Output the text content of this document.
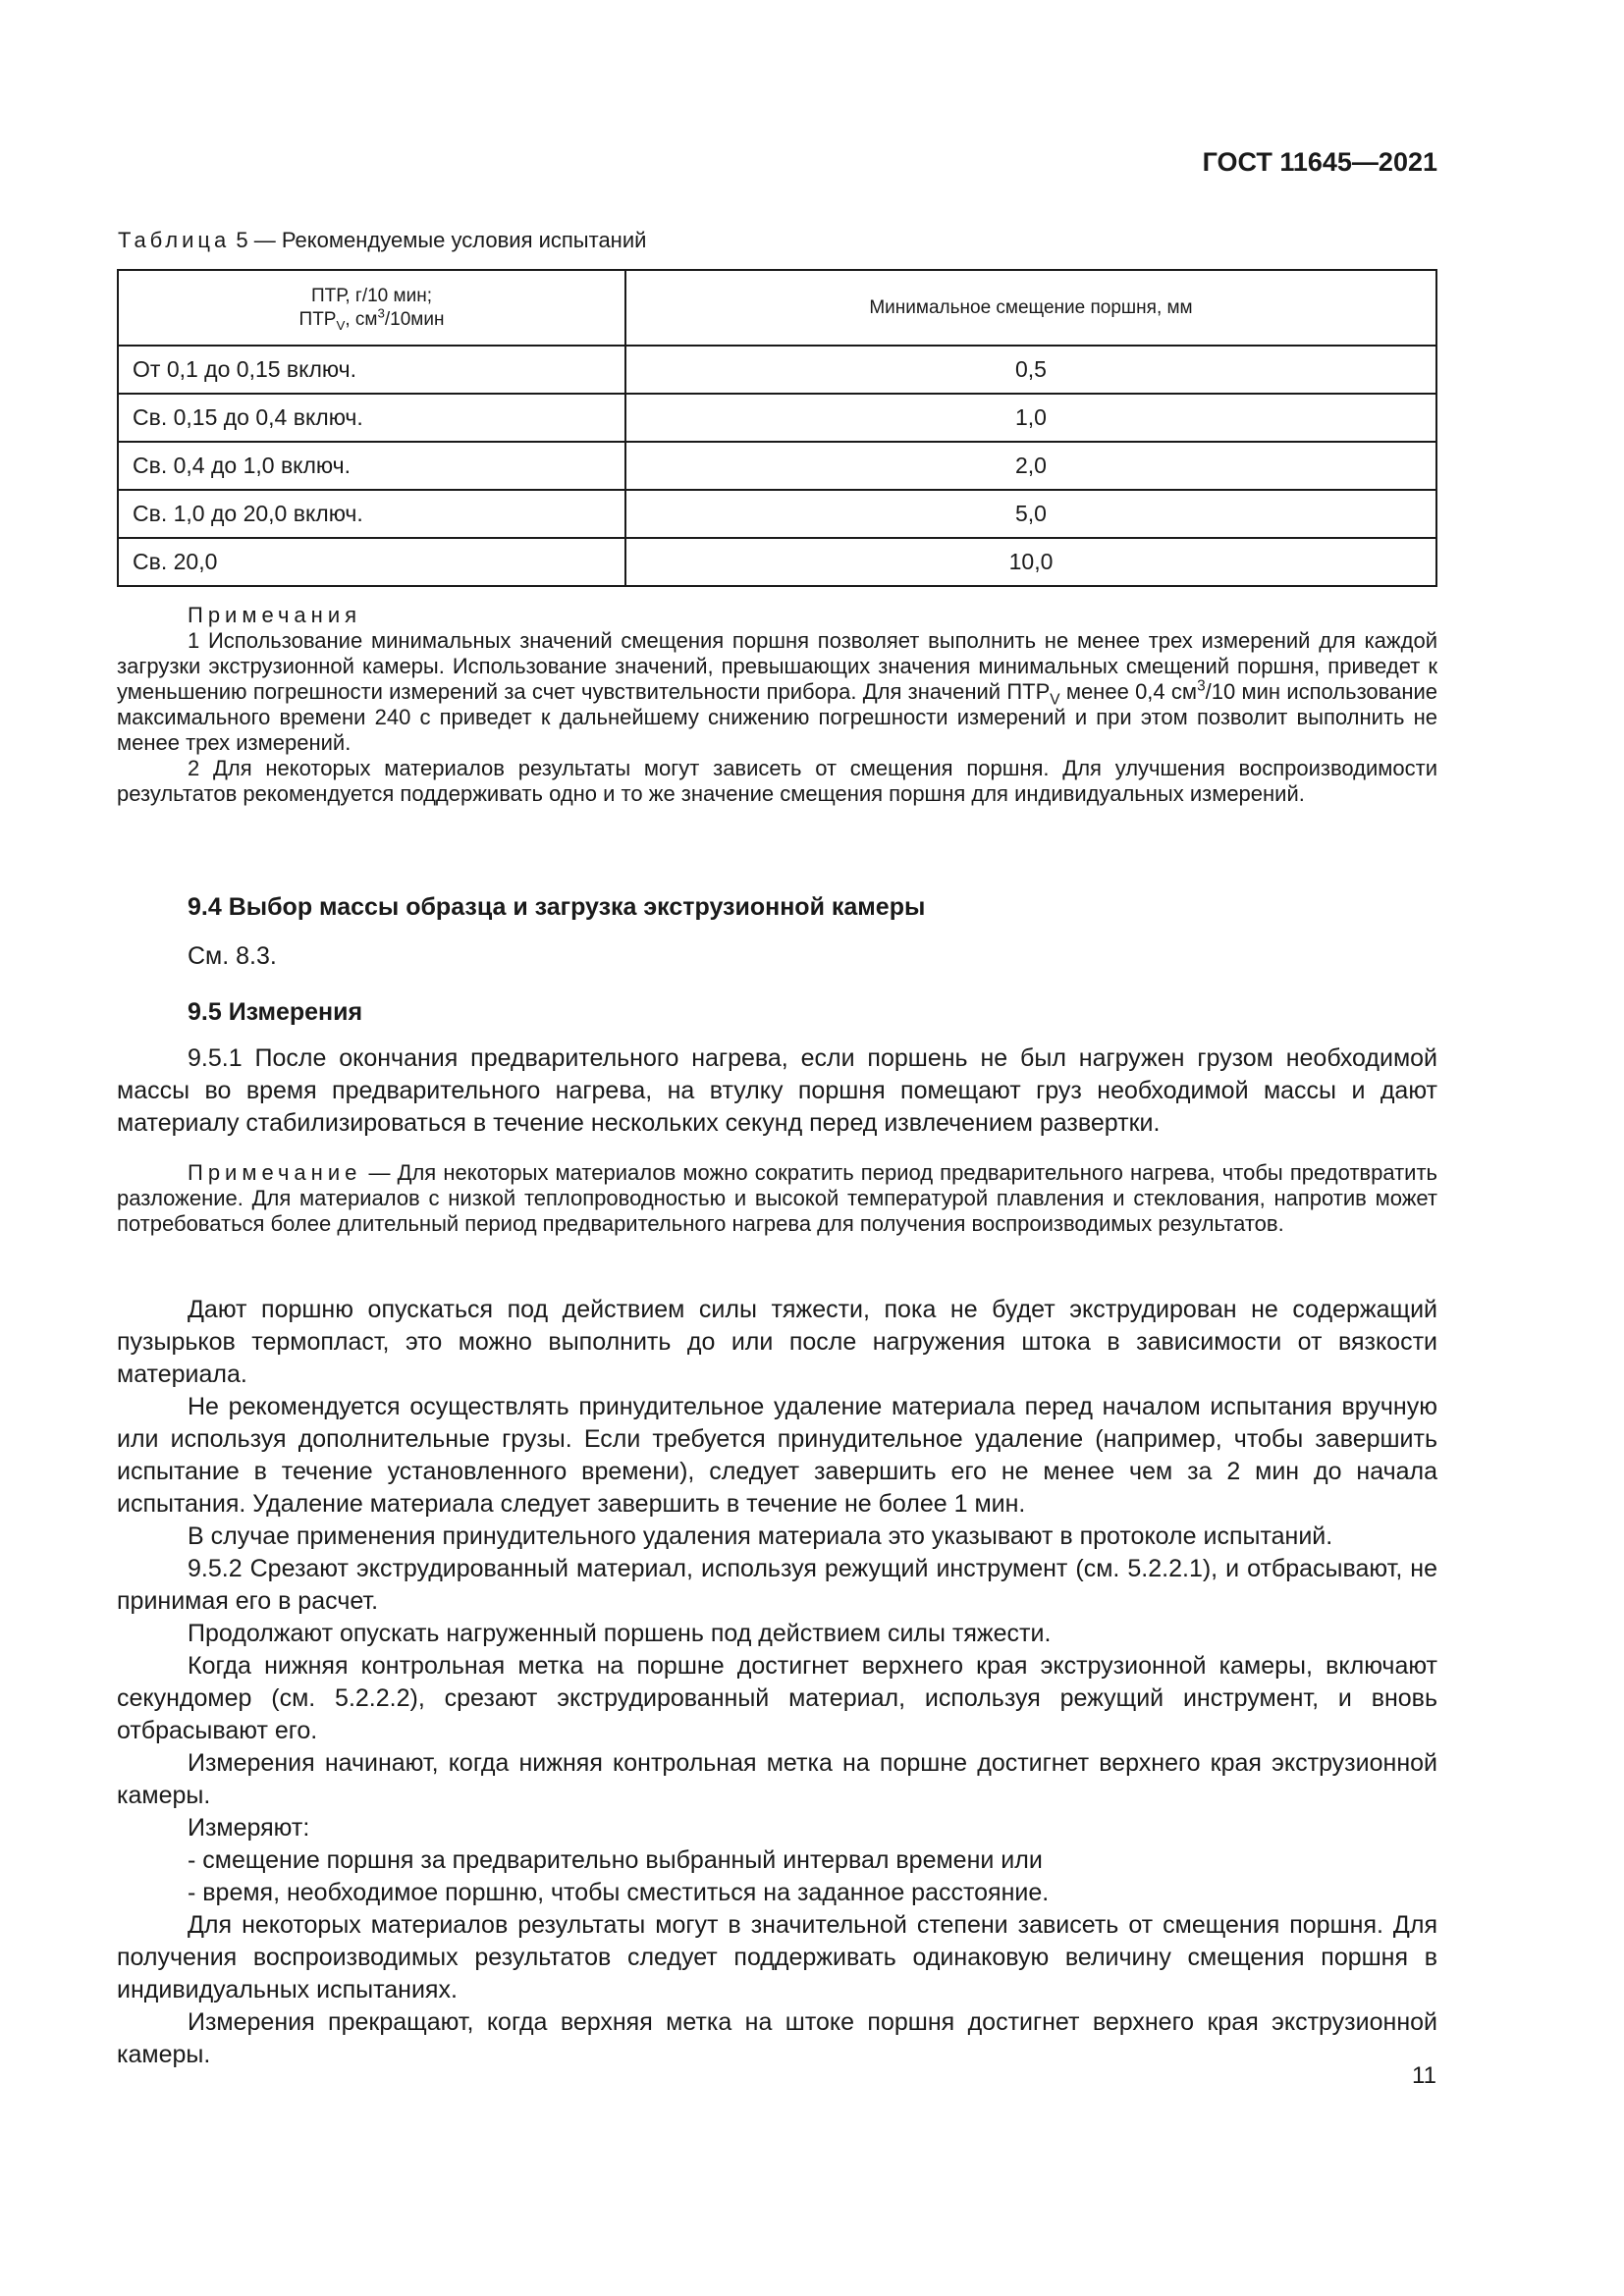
ГОСТ 11645—2021
Таблица 5 — Рекомендуемые условия испытаний
ПТР, г/10 мин;
$ПТР_V$, $см^3/10мин$	Минимальное смещение поршня, мм
От 0,1 до 0,15 включ.	0,5
Св. 0,15 до 0,4 включ.	1,0
Св. 0,4 до 1,0 включ.	2,0
Св. 1,0 до 20,0 включ.	5,0
Св. 20,0	10,0

Примечания

1 Использование минимальных значений смещения поршня позволяет выполнить не менее трех измерений для каждой загрузки экструзионной камеры. Использование значений, превышающих значения минимальных смещений поршня, приведет к уменьшению погрешности измерений за счет чувствительности прибора. Для значений $ПТР_V$ менее 0,4 $см^3/10$ мин использование максимального времени 240 с приведет к дальнейшему снижению погрешности измерений и при этом позволит выполнить не менее трех измерений.

2 Для некоторых материалов результаты могут зависеть от смещения поршня. Для улучшения воспроизводимости результатов рекомендуется поддерживать одно и то же значение смещения поршня для индивидуальных измерений.

9.4 Выбор массы образца и загрузка экструзионной камеры

См. 8.3.

9.5 Измерения

9.5.1 После окончания предварительного нагрева, если поршень не был нагружен грузом необходимой массы во время предварительного нагрева, на втулку поршня помещают груз необходимой массы и дают материалу стабилизироваться в течение нескольких секунд перед извлечением развертки.

Примечание — Для некоторых материалов можно сократить период предварительного нагрева, чтобы предотвратить разложение. Для материалов с низкой теплопроводностью и высокой температурой плавления и стеклования, напротив может потребоваться более длительный период предварительного нагрева для получения воспроизводимых результатов.

Дают поршню опускаться под действием силы тяжести, пока не будет экструдирован не содержащий пузырьков термопласт, это можно выполнить до или после нагружения штока в зависимости от вязкости материала.

Не рекомендуется осуществлять принудительное удаление материала перед началом испытания вручную или используя дополнительные грузы. Если требуется принудительное удаление (например, чтобы завершить испытание в течение установленного времени), следует завершить его не менее чем за 2 мин до начала испытания. Удаление материала следует завершить в течение не более 1 мин.

В случае применения принудительного удаления материала это указывают в протоколе испытаний.

9.5.2 Срезают экструдированный материал, используя режущий инструмент (см. 5.2.2.1), и отбрасывают, не принимая его в расчет.

Продолжают опускать нагруженный поршень под действием силы тяжести.

Когда нижняя контрольная метка на поршне достигнет верхнего края экструзионной камеры, включают секундомер (см. 5.2.2.2), срезают экструдированный материал, используя режущий инструмент, и вновь отбрасывают его.

Измерения начинают, когда нижняя контрольная метка на поршне достигнет верхнего края экструзионной камеры.

Измеряют:

- смещение поршня за предварительно выбранный интервал времени или

- время, необходимое поршню, чтобы сместиться на заданное расстояние.

Для некоторых материалов результаты могут в значительной степени зависеть от смещения поршня. Для получения воспроизводимых результатов следует поддерживать одинаковую величину смещения поршня в индивидуальных испытаниях.

Измерения прекращают, когда верхняя метка на штоке поршня достигнет верхнего края экструзионной камеры.

11
